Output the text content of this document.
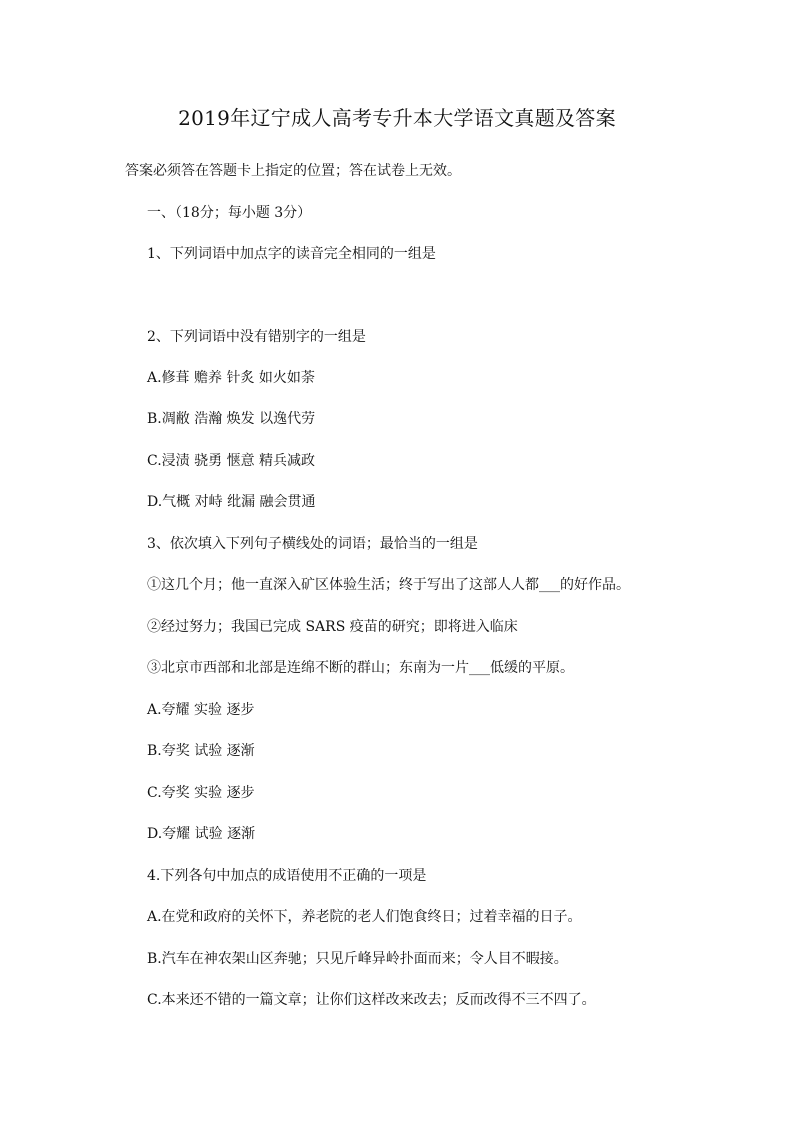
2019年辽宁成人高考专升本大学语文真题及答案
答案必须答在答题卡上指定的位置；答在试卷上无效。
一、（18分；每小题 3分）
1、下列词语中加点字的读音完全相同的一组是
2、下列词语中没有错别字的一组是
A.修葺 赡养 针炙 如火如荼
B.凋敝 浩瀚 焕发 以逸代劳
C.浸渍 骁勇 惬意 精兵减政
D.气概 对峙 纰漏 融会贯通
3、依次填入下列句子横线处的词语；最恰当的一组是
①这几个月；他一直深入矿区体验生活；终于写出了这部人人都___的好作品。
②经过努力；我国已完成 SARS 疫苗的研究；即将进入临床
③北京市西部和北部是连绵不断的群山；东南为一片___低缓的平原。
A.夸耀 实验 逐步
B.夸奖 试验 逐渐
C.夸奖 实验 逐步
D.夸耀 试验 逐渐
4.下列各句中加点的成语使用不正确的一项是
A.在党和政府的关怀下，养老院的老人们饱食终日；过着幸福的日子。
B.汽车在神农架山区奔驰；只见斤峰异岭扑面而来；令人目不暇接。
C.本来还不错的一篇文章；让你们这样改来改去；反而改得不三不四了。
